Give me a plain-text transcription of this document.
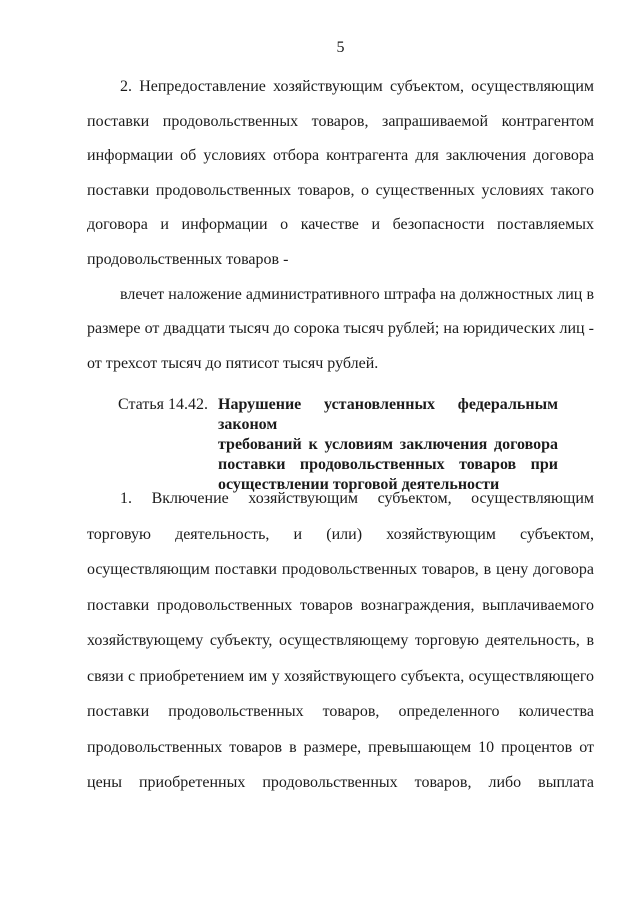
5
2. Непредоставление хозяйствующим субъектом, осуществляющим
поставки продовольственных товаров, запрашиваемой контрагентом
информации об условиях отбора контрагента для заключения договора
поставки продовольственных товаров, о существенных условиях такого
договора и информации о качестве и безопасности поставляемых
продовольственных товаров -
влечет наложение административного штрафа на должностных лиц в
размере от двадцати тысяч до сорока тысяч рублей; на юридических лиц -
от трехсот тысяч до пятисот тысяч рублей.
Статья 14.42. Нарушение установленных федеральным законом
требований к условиям заключения договора
поставки продовольственных товаров при
осуществлении торговой деятельности
1. Включение хозяйствующим субъектом, осуществляющим
торговую деятельность, и (или) хозяйствующим субъектом,
осуществляющим поставки продовольственных товаров, в цену договора
поставки продовольственных товаров вознаграждения, выплачиваемого
хозяйствующему субъекту, осуществляющему торговую деятельность, в
связи с приобретением им у хозяйствующего субъекта, осуществляющего
поставки продовольственных товаров, определенного количества
продовольственных товаров в размере, превышающем 10 процентов от
цены приобретенных продовольственных товаров, либо выплата
